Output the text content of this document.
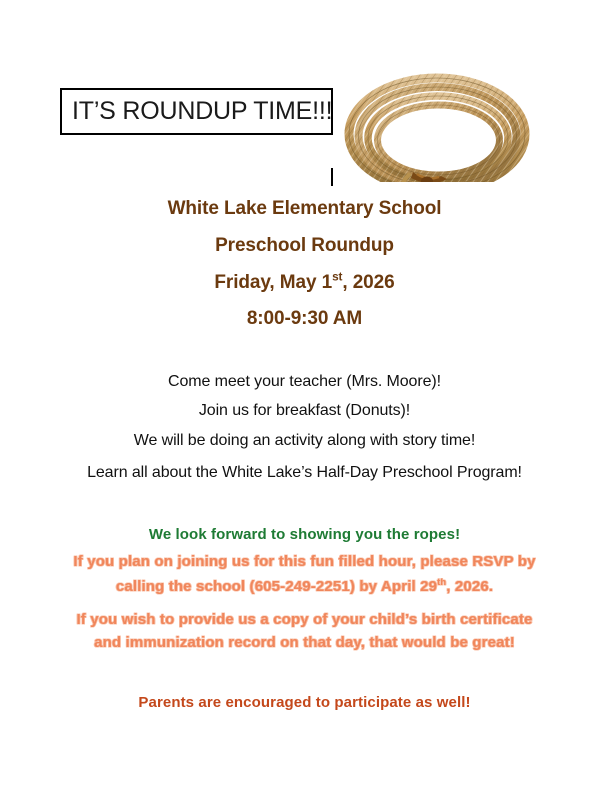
IT’S ROUNDUP TIME!!!
White Lake Elementary School
Preschool Roundup
Friday, May 1st, 2026
8:00-9:30 AM
Come meet your teacher (Mrs. Moore)!
Join us for breakfast (Donuts)!
We will be doing an activity along with story time!
Learn all about the White Lake’s Half-Day Preschool Program!
We look forward to showing you the ropes!
If you plan on joining us for this fun filled hour, please RSVP by
calling the school (605-249-2251) by April 29th, 2026.
If you wish to provide us a copy of your child’s birth certificate
and immunization record on that day, that would be great!
Parents are encouraged to participate as well!
